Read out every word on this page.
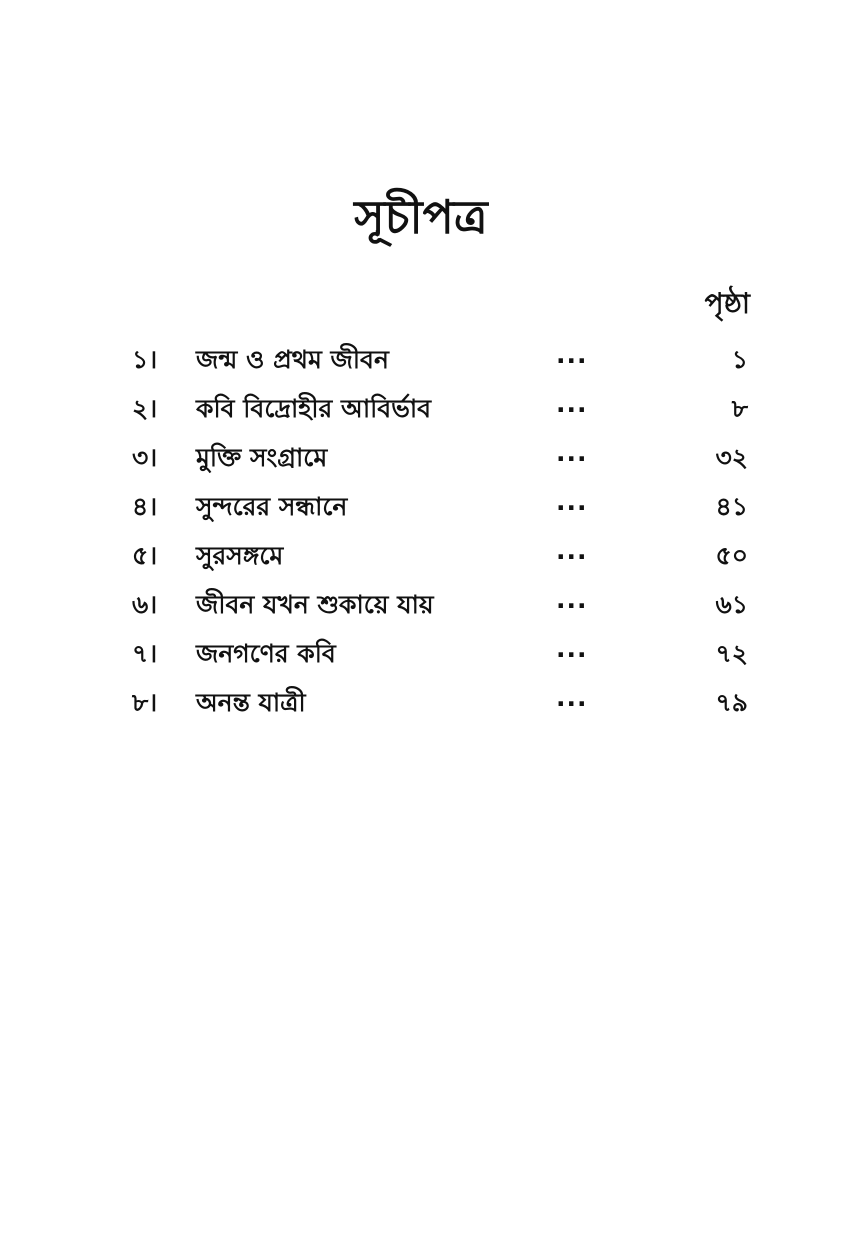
সূচীপত্র
পৃষ্ঠা
১। জন্ম ও প্রথম জীবন	...	১
২। কবি বিদ্রোহীর আবির্ভাব	...	৮
৩। মুক্তি সংগ্রামে	...	৩২
৪। সুন্দরের সন্ধানে	...	৪১
৫। সুরসঙ্গমে	...	৫০
৬। জীবন যখন শুকায়ে যায়	...	৬১
৭। জনগণের কবি	...	৭২
৮। অনন্ত যাত্রী	...	৭৯
